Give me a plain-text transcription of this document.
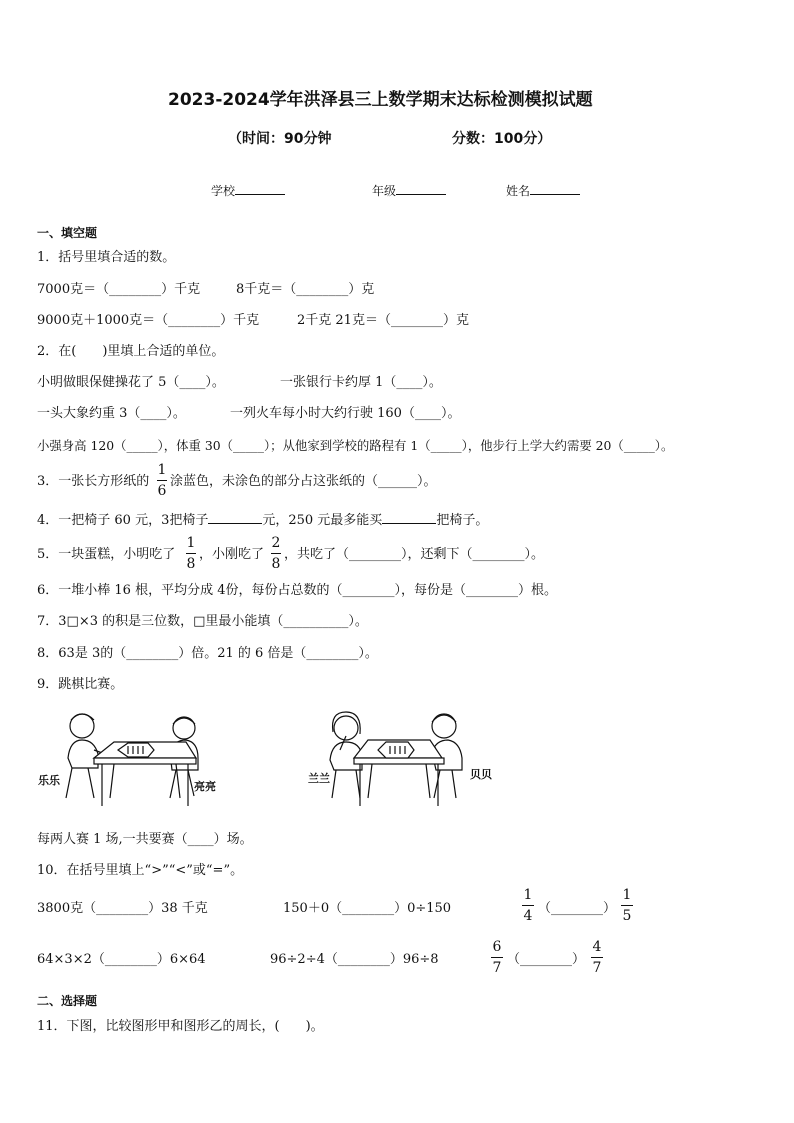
2023-2024学年洪泽县三上数学期末达标检测模拟试题
（时间：90分钟	分数：100分）
学校	年级	姓名
一、填空题
1．括号里填合适的数。
7000克＝（________）千克	8千克＝（________）克
9000克＋1000克＝（________）千克	2千克 21克＝（________）克
2．在(　　)里填上合适的单位。
小明做眼保健操花了 5（____）。	一张银行卡约厚 1（____）。
一头大象约重 3（____）。	一列火车每小时大约行驶 160（____）。
小强身高 120（_____），体重 30（_____）；从他家到学校的路程有 1（_____），他步行上学大约需要 20（_____）。
3．一张长方形纸的
1
6
涂蓝色，未涂色的部分占这张纸的（______）。
4．一把椅子 60 元，3把椅子	元，250 元最多能买	把椅子。
5．一块蛋糕，小明吃了
1
8
，小刚吃了
2
8
，共吃了（________），还剩下（________）。
6．一堆小棒 16 根，平均分成 4份，每份占总数的（________），每份是（________）根。
7．3□×3 的积是三位数，□里最小能填（__________）。
8．63是 3的（________）倍。21 的 6 倍是（________）。
9．跳棋比赛。
乐乐	亮亮
兰兰	贝贝
每两人赛 1 场,一共要赛（____）场。
10．在括号里填上“>”“<”或“=”。
3800克（________）38 千克	150＋0（________）0÷150
1
4 （________）
1
5
64×3×2（________）6×64	96÷2÷4（________）96÷8
6
7
（________）
4
7
二、选择题
11．下图，比较图形甲和图形乙的周长，(　　)。
